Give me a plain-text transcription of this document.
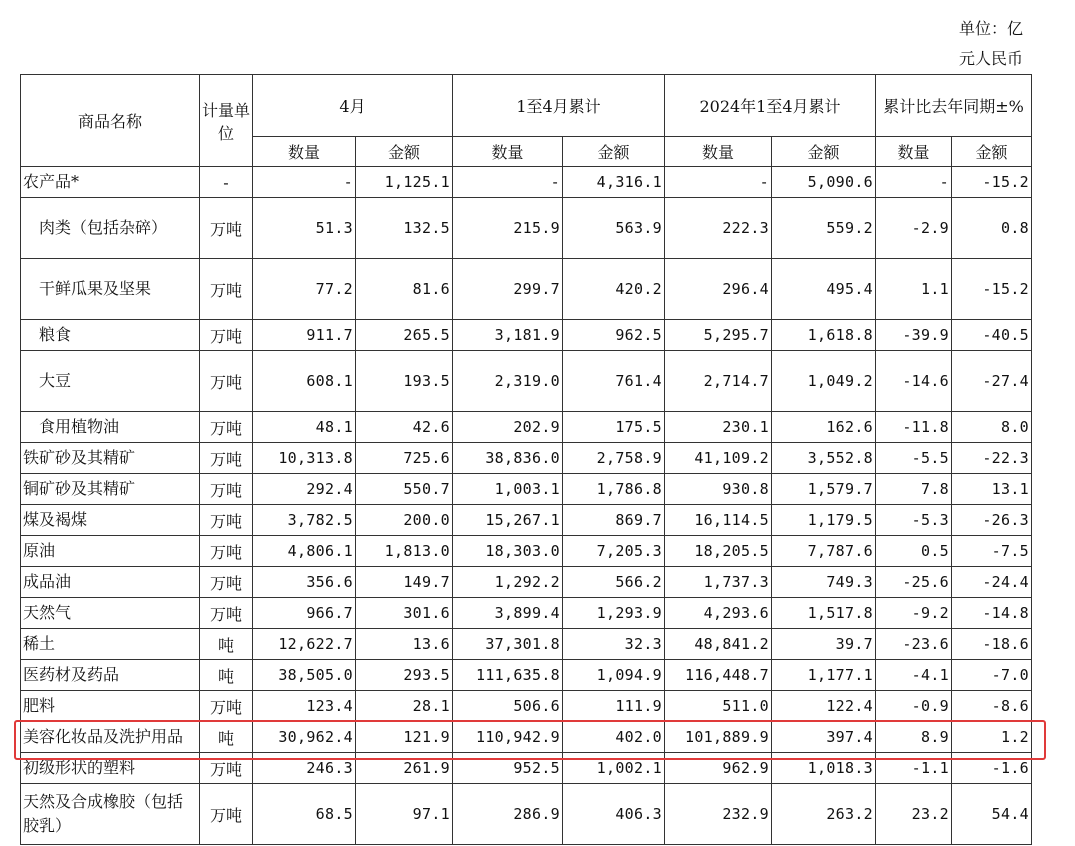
单位：亿
元人民币
商品名称	计量单位	4月		1至4月累计		2024年1至4月累计		累计比去年同期±%	
		数量	金额	数量	金额	数量	金额	数量	金额
农产品*	-	-	1,125.1	-	4,316.1	-	5,090.6	-	-15.2
肉类（包括杂碎）	万吨	51.3	132.5	215.9	563.9	222.3	559.2	-2.9	0.8
干鲜瓜果及坚果	万吨	77.2	81.6	299.7	420.2	296.4	495.4	1.1	-15.2
粮食	万吨	911.7	265.5	3,181.9	962.5	5,295.7	1,618.8	-39.9	-40.5
大豆	万吨	608.1	193.5	2,319.0	761.4	2,714.7	1,049.2	-14.6	-27.4
食用植物油	万吨	48.1	42.6	202.9	175.5	230.1	162.6	-11.8	8.0
铁矿砂及其精矿	万吨	10,313.8	725.6	38,836.0	2,758.9	41,109.2	3,552.8	-5.5	-22.3
铜矿砂及其精矿	万吨	292.4	550.7	1,003.1	1,786.8	930.8	1,579.7	7.8	13.1
煤及褐煤	万吨	3,782.5	200.0	15,267.1	869.7	16,114.5	1,179.5	-5.3	-26.3
原油	万吨	4,806.1	1,813.0	18,303.0	7,205.3	18,205.5	7,787.6	0.5	-7.5
成品油	万吨	356.6	149.7	1,292.2	566.2	1,737.3	749.3	-25.6	-24.4
天然气	万吨	966.7	301.6	3,899.4	1,293.9	4,293.6	1,517.8	-9.2	-14.8
稀土	吨	12,622.7	13.6	37,301.8	32.3	48,841.2	39.7	-23.6	-18.6
医药材及药品	吨	38,505.0	293.5	111,635.8	1,094.9	116,448.7	1,177.1	-4.1	-7.0
肥料	万吨	123.4	28.1	506.6	111.9	511.0	122.4	-0.9	-8.6
美容化妆品及洗护用品	吨	30,962.4	121.9	110,942.9	402.0	101,889.9	397.4	8.9	1.2
初级形状的塑料	万吨	246.3	261.9	952.5	1,002.1	962.9	1,018.3	-1.1	-1.6
天然及合成橡胶（包括胶乳）	万吨	68.5	97.1	286.9	406.3	232.9	263.2	23.2	54.4
